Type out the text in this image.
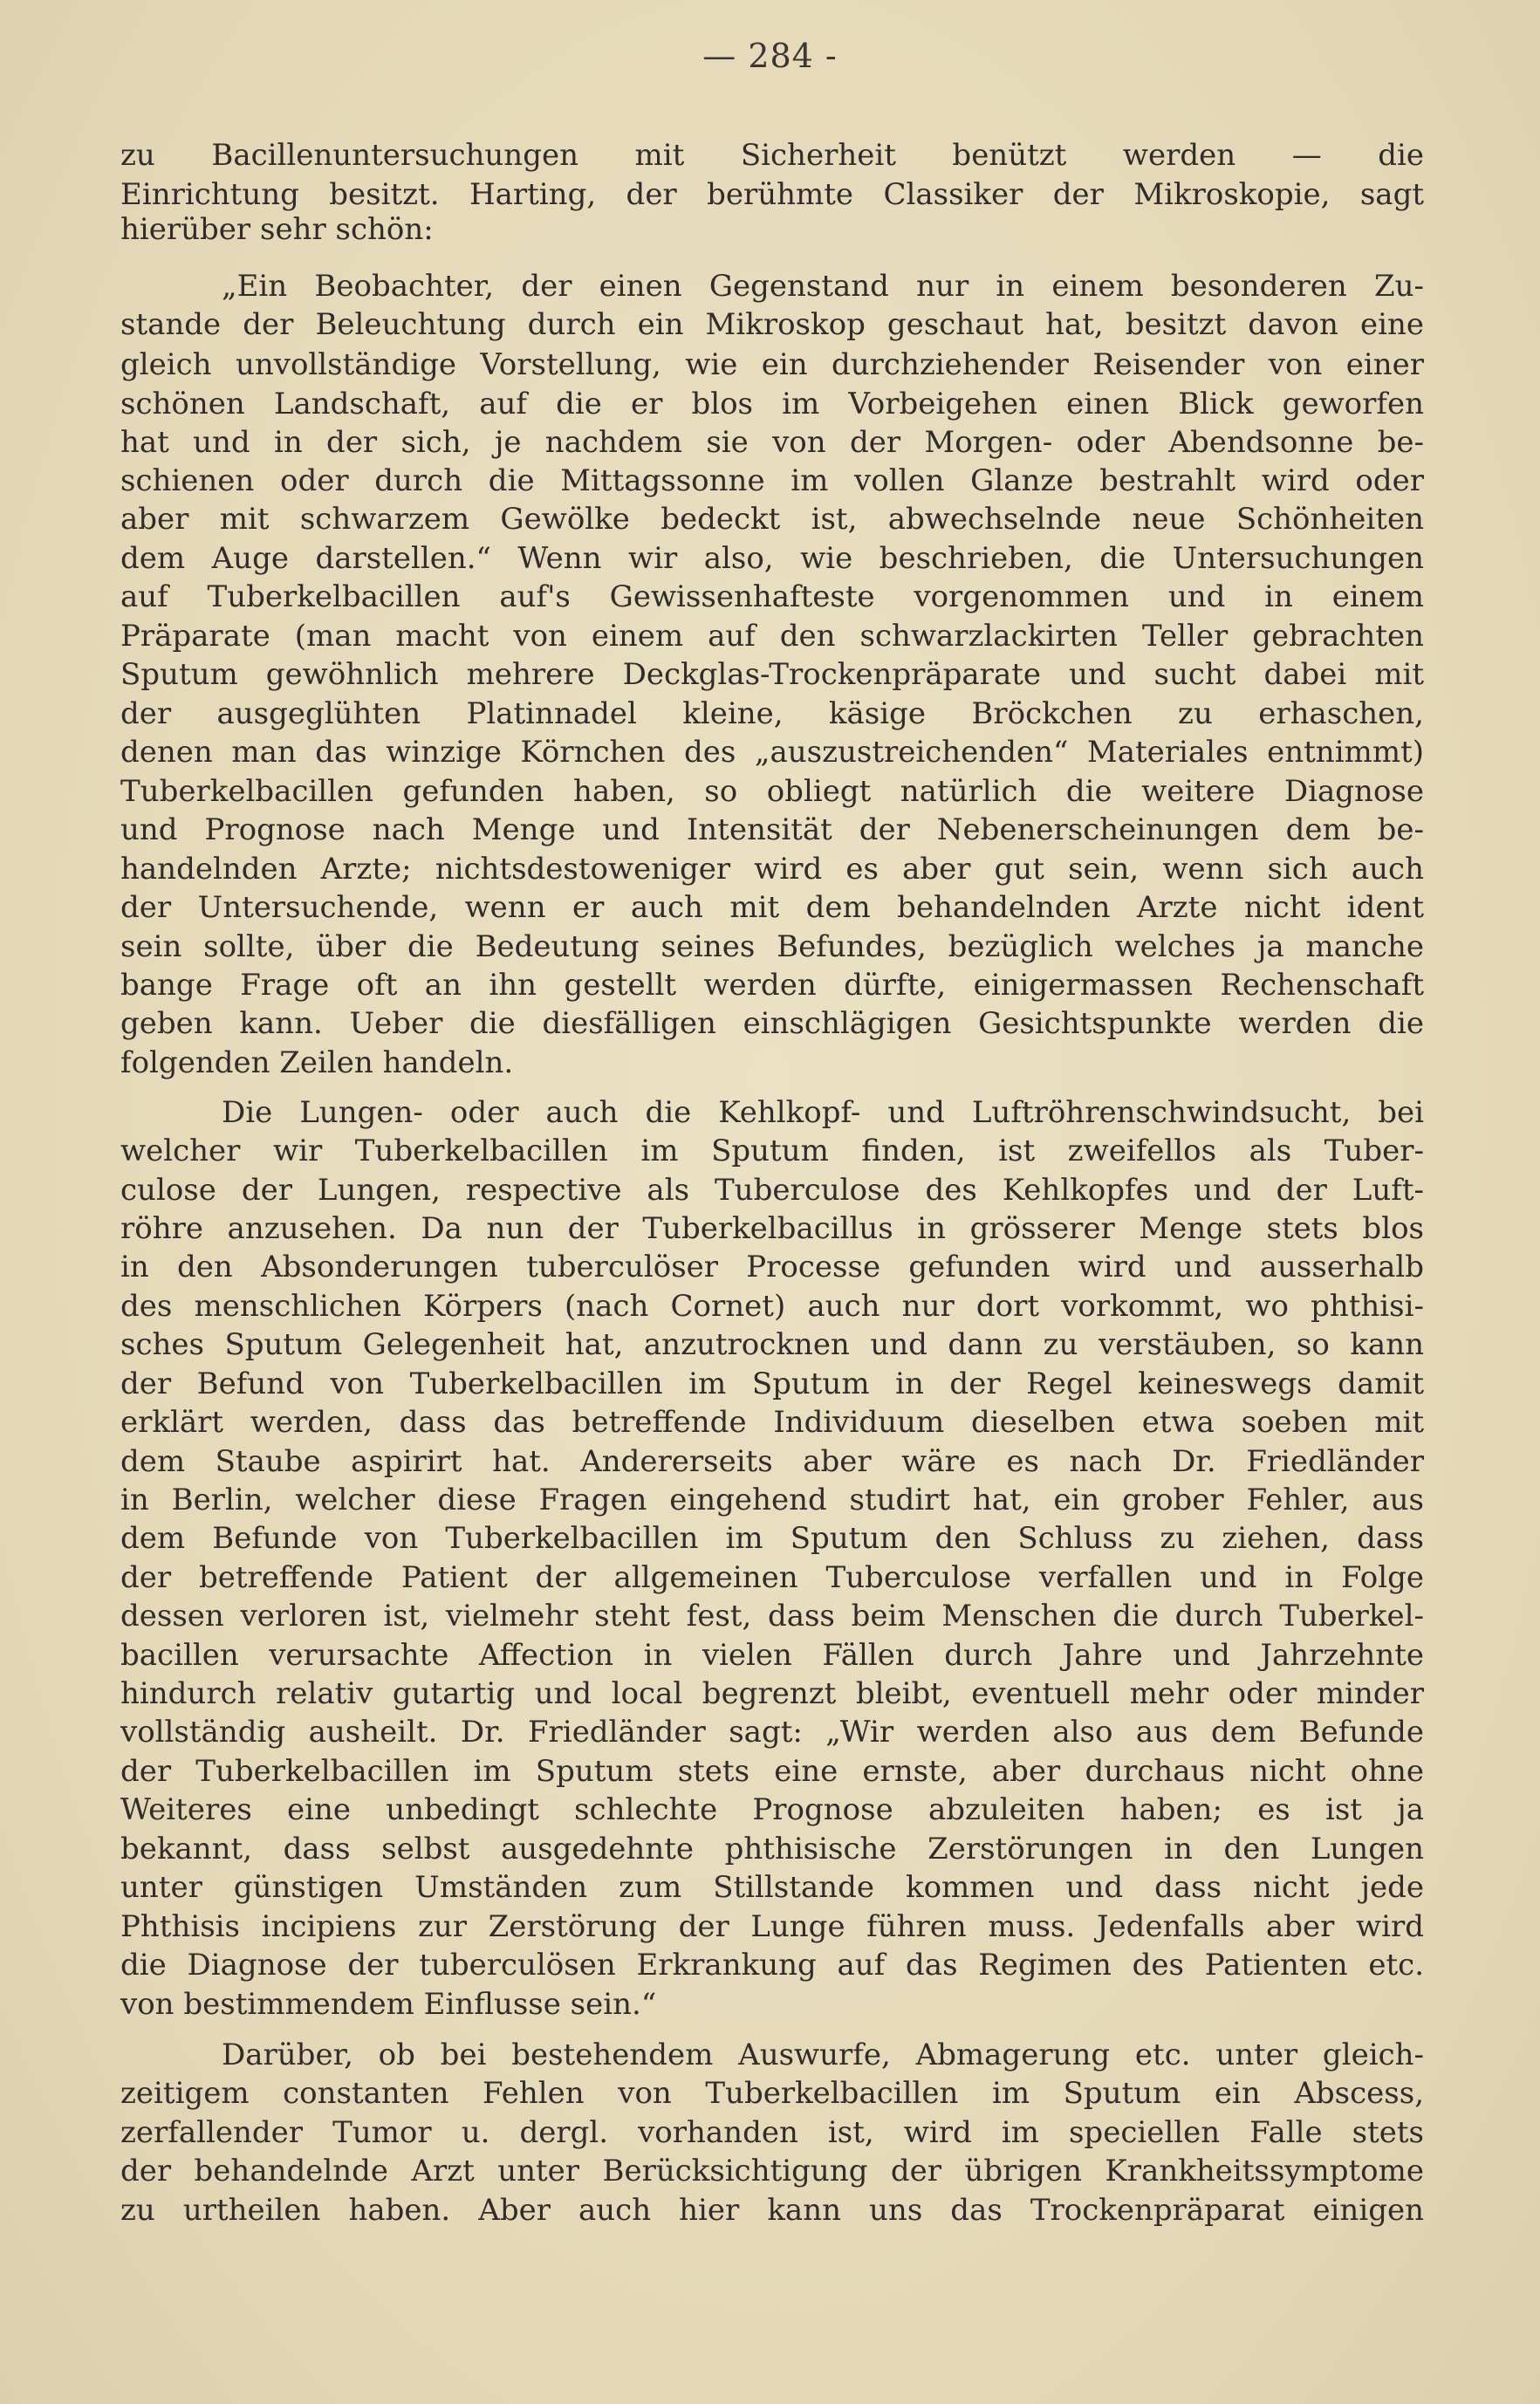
— 284 -
zu Bacillenuntersuchungen mit Sicherheit benützt werden — die
Einrichtung besitzt. Harting, der berühmte Classiker der Mikroskopie, sagt
hierüber sehr schön:
„Ein Beobachter, der einen Gegenstand nur in einem besonderen Zu-
stande der Beleuchtung durch ein Mikroskop geschaut hat, besitzt davon eine
gleich unvollständige Vorstellung, wie ein durchziehender Reisender von einer
schönen Landschaft, auf die er blos im Vorbeigehen einen Blick geworfen
hat und in der sich, je nachdem sie von der Morgen- oder Abendsonne be-
schienen oder durch die Mittagssonne im vollen Glanze bestrahlt wird oder
aber mit schwarzem Gewölke bedeckt ist, abwechselnde neue Schönheiten
dem Auge darstellen.“ Wenn wir also, wie beschrieben, die Untersuchungen
auf Tuberkelbacillen auf's Gewissenhafteste vorgenommen und in einem
Präparate (man macht von einem auf den schwarzlackirten Teller gebrachten
Sputum gewöhnlich mehrere Deckglas-Trockenpräparate und sucht dabei mit
der ausgeglühten Platinnadel kleine, käsige Bröckchen zu erhaschen,
denen man das winzige Körnchen des „auszustreichenden“ Materiales entnimmt)
Tuberkelbacillen gefunden haben, so obliegt natürlich die weitere Diagnose
und Prognose nach Menge und Intensität der Nebenerscheinungen dem be-
handelnden Arzte; nichtsdestoweniger wird es aber gut sein, wenn sich auch
der Untersuchende, wenn er auch mit dem behandelnden Arzte nicht ident
sein sollte, über die Bedeutung seines Befundes, bezüglich welches ja manche
bange Frage oft an ihn gestellt werden dürfte, einigermassen Rechenschaft
geben kann. Ueber die diesfälligen einschlägigen Gesichtspunkte werden die
folgenden Zeilen handeln.
Die Lungen- oder auch die Kehlkopf- und Luftröhrenschwindsucht, bei
welcher wir Tuberkelbacillen im Sputum finden, ist zweifellos als Tuber-
culose der Lungen, respective als Tuberculose des Kehlkopfes und der Luft-
röhre anzusehen. Da nun der Tuberkelbacillus in grösserer Menge stets blos
in den Absonderungen tuberculöser Processe gefunden wird und ausserhalb
des menschlichen Körpers (nach Cornet) auch nur dort vorkommt, wo phthisi-
sches Sputum Gelegenheit hat, anzutrocknen und dann zu verstäuben, so kann
der Befund von Tuberkelbacillen im Sputum in der Regel keineswegs damit
erklärt werden, dass das betreffende Individuum dieselben etwa soeben mit
dem Staube aspirirt hat. Andererseits aber wäre es nach Dr. Friedländer
in Berlin, welcher diese Fragen eingehend studirt hat, ein grober Fehler, aus
dem Befunde von Tuberkelbacillen im Sputum den Schluss zu ziehen, dass
der betreffende Patient der allgemeinen Tuberculose verfallen und in Folge
dessen verloren ist, vielmehr steht fest, dass beim Menschen die durch Tuberkel-
bacillen verursachte Affection in vielen Fällen durch Jahre und Jahrzehnte
hindurch relativ gutartig und local begrenzt bleibt, eventuell mehr oder minder
vollständig ausheilt. Dr. Friedländer sagt: „Wir werden also aus dem Befunde
der Tuberkelbacillen im Sputum stets eine ernste, aber durchaus nicht ohne
Weiteres eine unbedingt schlechte Prognose abzuleiten haben; es ist ja
bekannt, dass selbst ausgedehnte phthisische Zerstörungen in den Lungen
unter günstigen Umständen zum Stillstande kommen und dass nicht jede
Phthisis incipiens zur Zerstörung der Lunge führen muss. Jedenfalls aber wird
die Diagnose der tuberculösen Erkrankung auf das Regimen des Patienten etc.
von bestimmendem Einflusse sein.“
Darüber, ob bei bestehendem Auswurfe, Abmagerung etc. unter gleich-
zeitigem constanten Fehlen von Tuberkelbacillen im Sputum ein Abscess,
zerfallender Tumor u. dergl. vorhanden ist, wird im speciellen Falle stets
der behandelnde Arzt unter Berücksichtigung der übrigen Krankheitssymptome
zu urtheilen haben. Aber auch hier kann uns das Trockenpräparat einigen
